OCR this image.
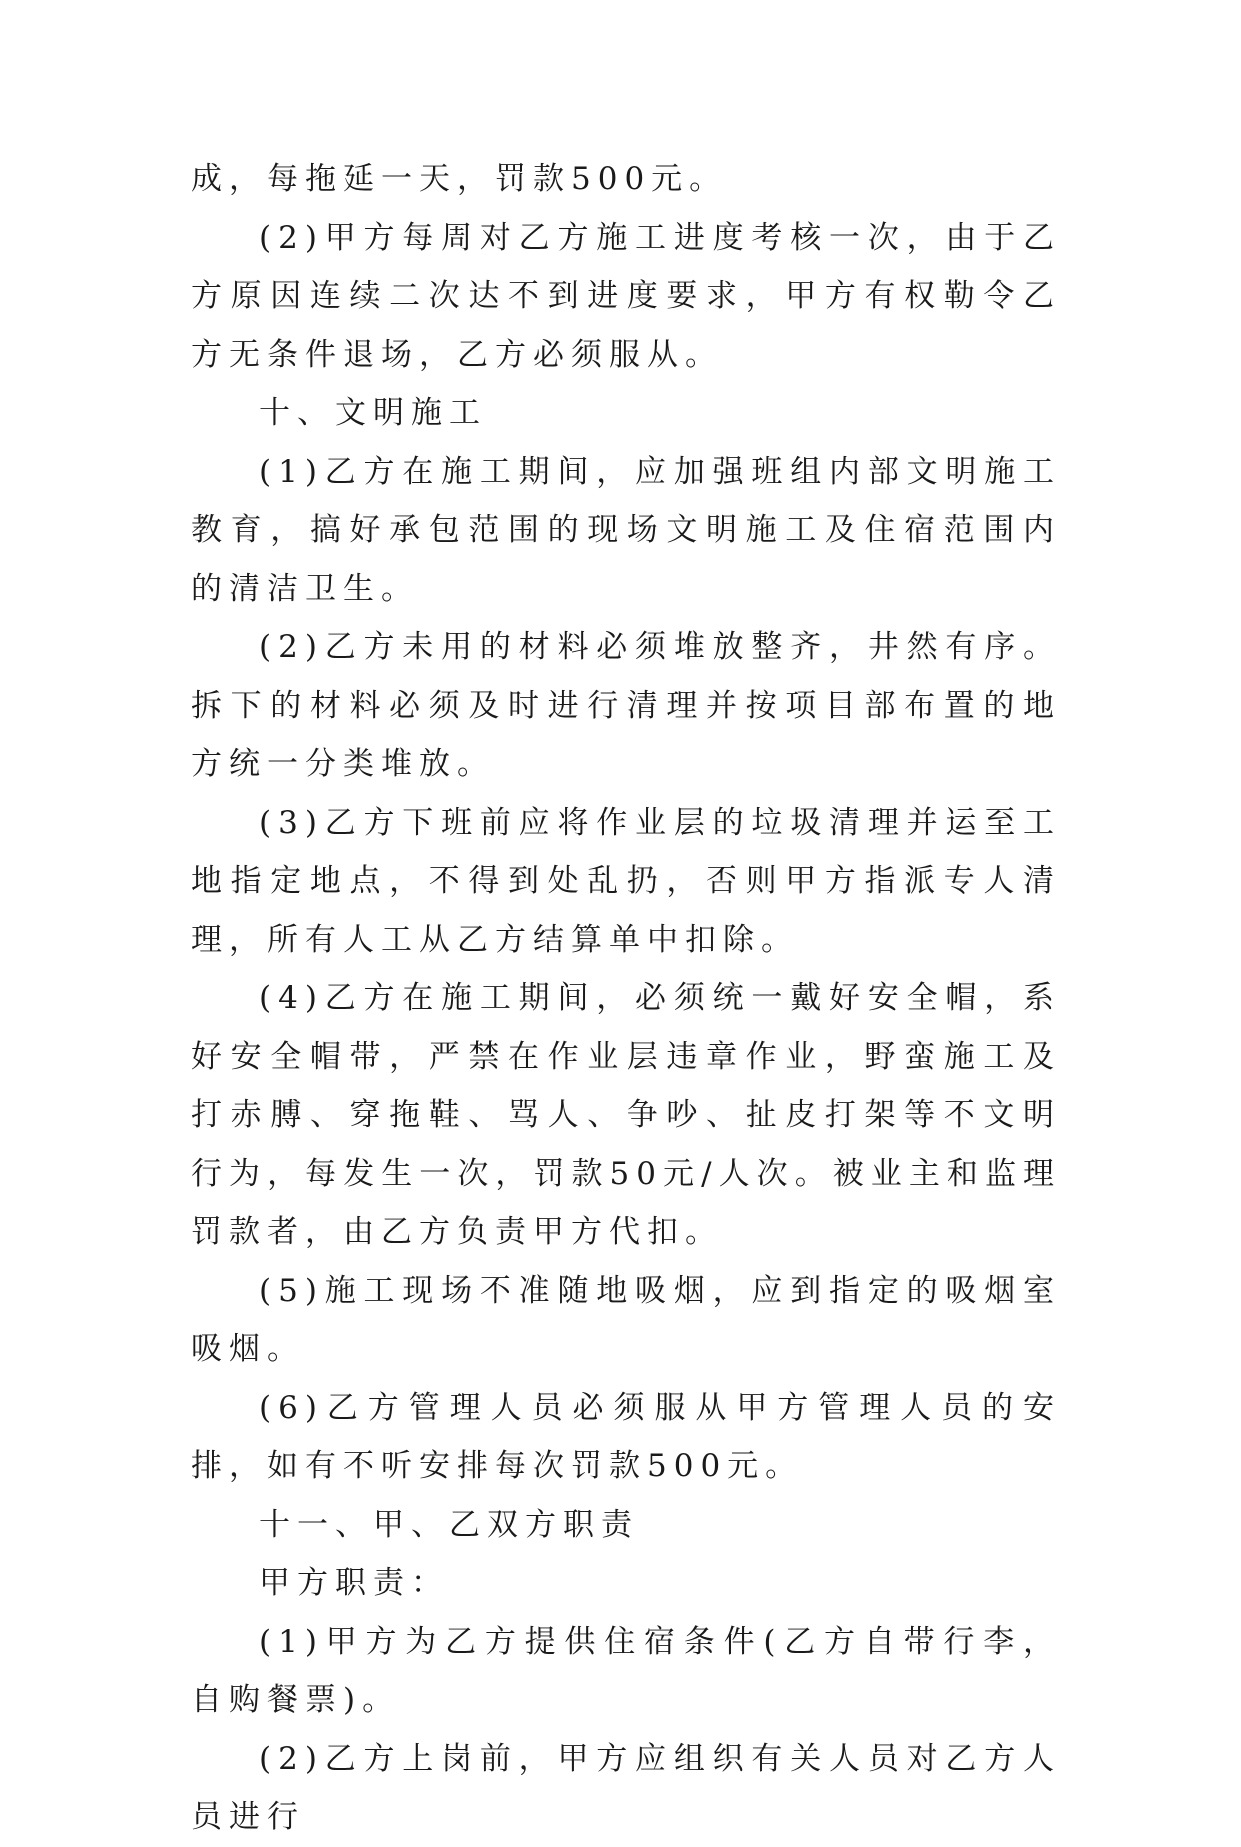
成，每拖延一天，罚款500元。

(2)甲方每周对乙方施工进度考核一次，由于乙方原因连续二次达不到进度要求，甲方有权勒令乙方无条件退场，乙方必须服从。

十、文明施工

(1)乙方在施工期间，应加强班组内部文明施工教育，搞好承包范围的现场文明施工及住宿范围内的清洁卫生。

(2)乙方未用的材料必须堆放整齐，井然有序。拆下的材料必须及时进行清理并按项目部布置的地方统一分类堆放。

(3)乙方下班前应将作业层的垃圾清理并运至工地指定地点，不得到处乱扔，否则甲方指派专人清理，所有人工从乙方结算单中扣除。

(4)乙方在施工期间，必须统一戴好安全帽，系好安全帽带，严禁在作业层违章作业，野蛮施工及打赤膊、穿拖鞋、骂人、争吵、扯皮打架等不文明行为，每发生一次，罚款50元/人次。被业主和监理罚款者，由乙方负责甲方代扣。

(5)施工现场不准随地吸烟，应到指定的吸烟室吸烟。

(6)乙方管理人员必须服从甲方管理人员的安排，如有不听安排每次罚款500元。

十一、甲、乙双方职责

甲方职责：

(1)甲方为乙方提供住宿条件(乙方自带行李，自购餐票)。

(2)乙方上岗前，甲方应组织有关人员对乙方人员进行
